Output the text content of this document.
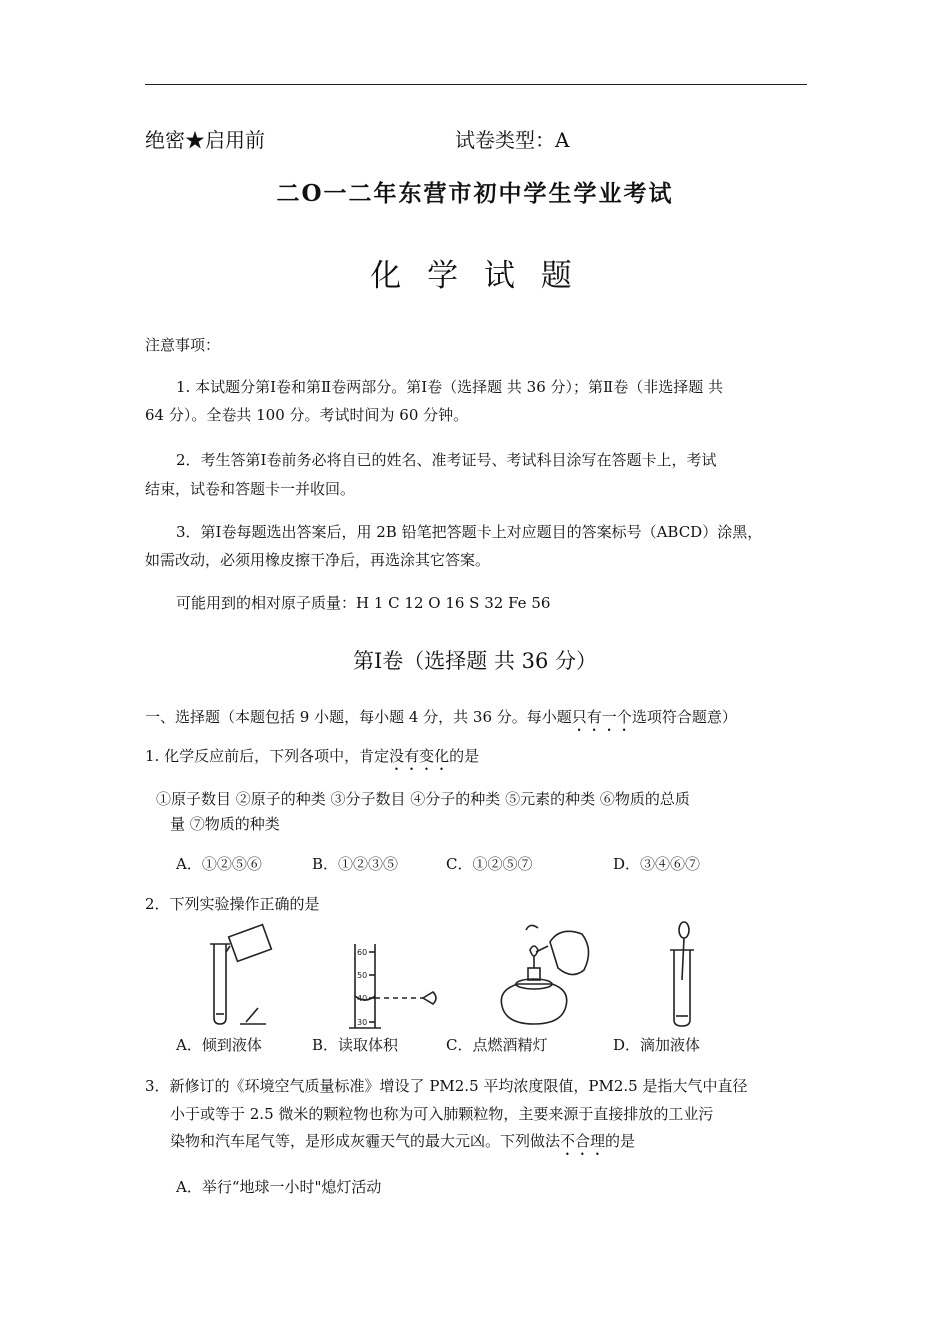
绝密★启用前	试卷类型：A
二O一二年东营市初中学生学业考试
化 学 试 题
注意事项：
1. 本试题分第Ⅰ卷和第Ⅱ卷两部分。第Ⅰ卷（选择题 共 36 分）；第Ⅱ卷（非选择题 共
64 分）。全卷共 100 分。考试时间为 60 分钟。
2．考生答第Ⅰ卷前务必将自已的姓名、准考证号、考试科目涂写在答题卡上，考试
结束，试卷和答题卡一并收回。
3．第Ⅰ卷每题选出答案后，用 2B 铅笔把答题卡上对应题目的答案标号（ABCD）涂黑，
如需改动，必须用橡皮擦干净后，再选涂其它答案。
可能用到的相对原子质量：H 1 C 12 O 16 S 32 Fe 56
第Ⅰ卷（选择题 共 36 分）
一、选择题（本题包括 9 小题，每小题 4 分，共 36 分。每小题只有一个选项符合题意）
1. 化学反应前后，下列各项中，肯定没有变化的是
①原子数目 ②原子的种类 ③分子数目 ④分子的种类 ⑤元素的种类 ⑥物质的总质
量 ⑦物质的种类
A．①②⑤⑥	B．①②③⑤	C．①②⑤⑦	D．③④⑥⑦
2．下列实验操作正确的是
60
50
40
30
A．倾到液体	B．读取体积	C．点燃酒精灯	D．滴加液体
3．新修订的《环境空气质量标准》增设了 PM2.5 平均浓度限值，PM2.5 是指大气中直径
小于或等于 2.5 微米的颗粒物也称为可入肺颗粒物，主要来源于直接排放的工业污
染物和汽车尾气等，是形成灰霾天气的最大元凶。下列做法不合理的是
A．举行“地球一小时"熄灯活动
